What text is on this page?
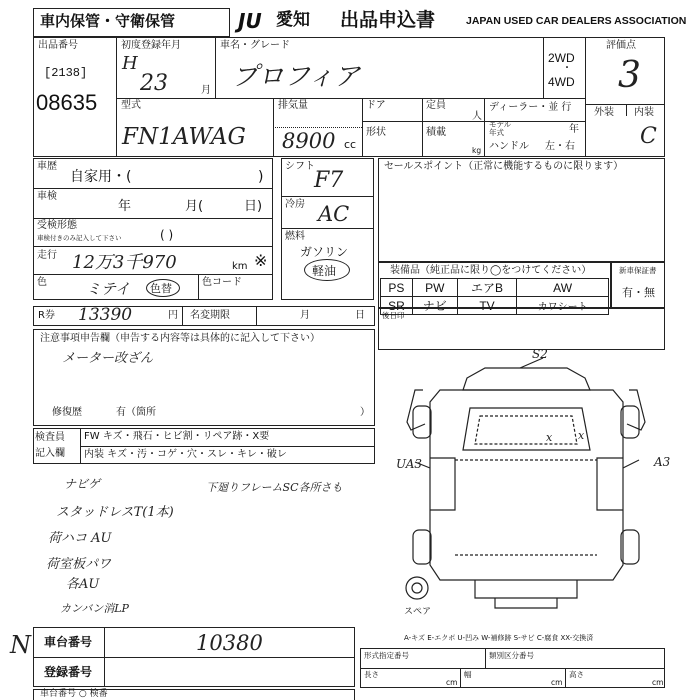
車内保管・守衛保管	JU 愛知 出品申込書	JAPAN USED CAR DEALERS ASSOCIATION
出品番号
[2138]
08635
初度登録年月
H
23	月
車名・グレード
プロフィア
2WD
・
4WD
評価点
3
外装 内装
C
型式
FN1AWAG
排気量
8900 cc
ドア
形状
定員
人
積載
kg
ディーラー・並 行
モデル年式	年
ハンドル 左・右
車歴
自家用・(	)
車検
年	月(	日)
受検形態
車検付きのみ記入して下さい	( )
走行 12万3千970	km ※
色	ミテイ 色替	色コード
シフト
F7
冷房 AC
燃料
ガソリン
軽油
セールスポイント（正常に機能するものに限ります）
装備品（純正品に限り◯をつけてください）
PS	PW	エアB	AW
SR	ナビ	TV	カワシート
新車保証書
有・無
R券 13390	円 名変期限	月	日 後日印
注意事項申告欄（申告する内容等は具体的に記入して下さい）
メーター改ざん
修復歴	有（箇所	）
検査員
記入欄
FW キズ・飛石・ヒビ割・リペア跡・X要
内装 キズ・汚・コゲ・穴・スレ・キレ・破レ
ナビゲ	下廻りフレームSC各所さも
スタッドレスT(1本)
荷ハコ AU
荷室板パワ
各AU
カンバン消LP
N 車台番号	10380
登録番号
車台番号 ○ 検番
S2
UA3	A3
x x
スペア
A-キズ E-エクボ U-凹み W-補修跡 S-サビ C-腐食 XX-交換済
形式指定番号	類別区分番号
長さ
cm
幅
cm
高さ
cm
